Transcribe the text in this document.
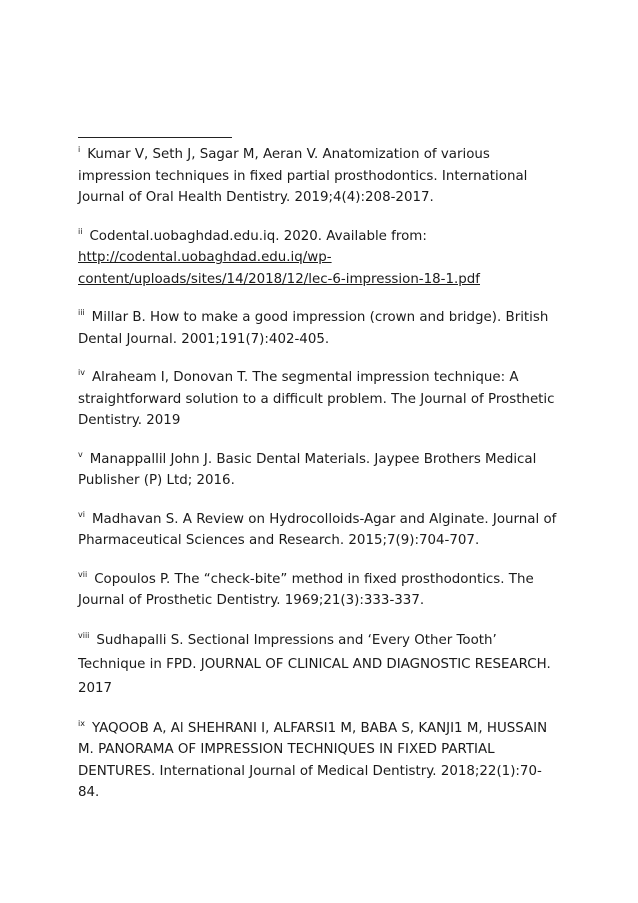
$^i$ Kumar V, Seth J, Sagar M, Aeran V. Anatomization of various impression techniques in fixed partial prosthodontics. International Journal of Oral Health Dentistry. 2019;4(4):208-2017.

$^{ii}$ Codental.uobaghdad.edu.iq. 2020. Available from:
http://codental.uobaghdad.edu.iq/wp-
content/uploads/sites/14/2018/12/lec-6-impression-18-1.pdf

$^{iii}$ Millar B. How to make a good impression (crown and bridge). British Dental Journal. 2001;191(7):402-405.

$^{iv}$ Alraheam I, Donovan T. The segmental impression technique: A straightforward solution to a difficult problem. The Journal of Prosthetic Dentistry. 2019

$^v$ Manappallil John J. Basic Dental Materials. Jaypee Brothers Medical Publisher (P) Ltd; 2016.

$^{vi}$ Madhavan S. A Review on Hydrocolloids-Agar and Alginate. Journal of Pharmaceutical Sciences and Research. 2015;7(9):704-707.

$^{vii}$ Copoulos P. The “check-bite” method in fixed prosthodontics. The Journal of Prosthetic Dentistry. 1969;21(3):333-337.

$^{viii}$ Sudhapalli S. Sectional Impressions and ‘Every Other Tooth’ Technique in FPD. JOURNAL OF CLINICAL AND DIAGNOSTIC RESEARCH. 2017

$^{ix}$ YAQOOB A, Al SHEHRANI I, ALFARSI1 M, BABA S, KANJI1 M, HUSSAIN M. PANORAMA OF IMPRESSION TECHNIQUES IN FIXED PARTIAL DENTURES. International Journal of Medical Dentistry. 2018;22(1):70-84.
